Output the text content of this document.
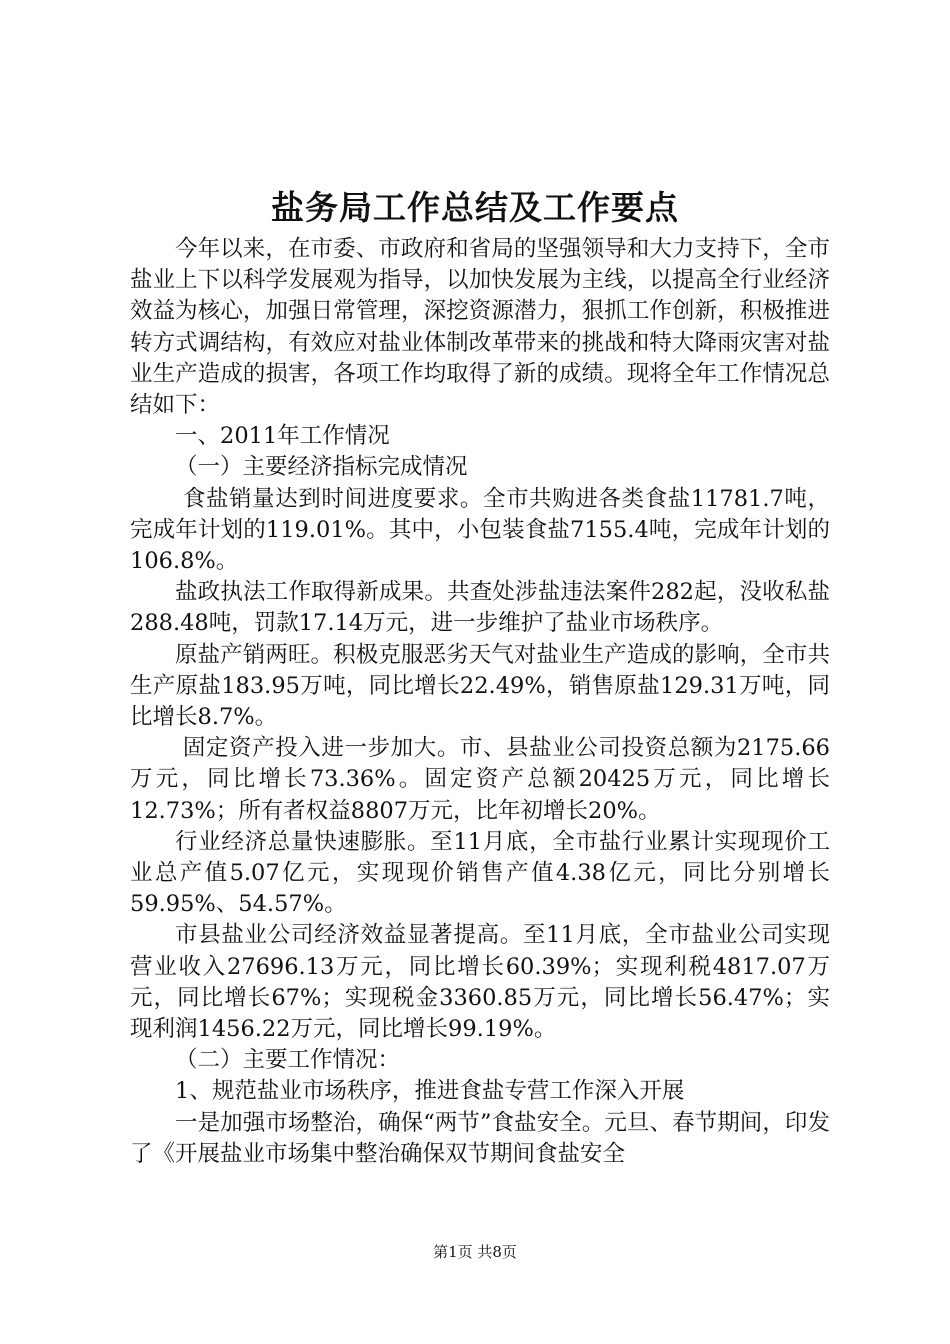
盐务局工作总结及工作要点

今年以来，在市委、市政府和省局的坚强领导和大力支持下，全市盐业上下以科学发展观为指导，以加快发展为主线，以提高全行业经济效益为核心，加强日常管理，深挖资源潜力，狠抓工作创新，积极推进转方式调结构，有效应对盐业体制改革带来的挑战和特大降雨灾害对盐业生产造成的损害，各项工作均取得了新的成绩。现将全年工作情况总结如下：

一、2011年工作情况

（一）主要经济指标完成情况

食盐销量达到时间进度要求。全市共购进各类食盐11781.7吨，完成年计划的119.01%。其中，小包装食盐7155.4吨，完成年计划的106.8%。

盐政执法工作取得新成果。共查处涉盐违法案件282起，没收私盐288.48吨，罚款17.14万元，进一步维护了盐业市场秩序。

原盐产销两旺。积极克服恶劣天气对盐业生产造成的影响，全市共生产原盐183.95万吨，同比增长22.49%，销售原盐129.31万吨，同比增长8.7%。

固定资产投入进一步加大。市、县盐业公司投资总额为2175.66万元，同比增长73.36%。固定资产总额20425万元，同比增长12.73%；所有者权益8807万元，比年初增长20%。

行业经济总量快速膨胀。至11月底，全市盐行业累计实现现价工业总产值5.07亿元，实现现价销售产值4.38亿元，同比分别增长59.95%、54.57%。

市县盐业公司经济效益显著提高。至11月底，全市盐业公司实现营业收入27696.13万元，同比增长60.39%；实现利税4817.07万元，同比增长67%；实现税金3360.85万元，同比增长56.47%；实现利润1456.22万元，同比增长99.19%。

（二）主要工作情况：

1、规范盐业市场秩序，推进食盐专营工作深入开展

一是加强市场整治，确保“两节”食盐安全。元旦、春节期间，印发了《开展盐业市场集中整治确保双节期间食盐安全

第1页 共8页
